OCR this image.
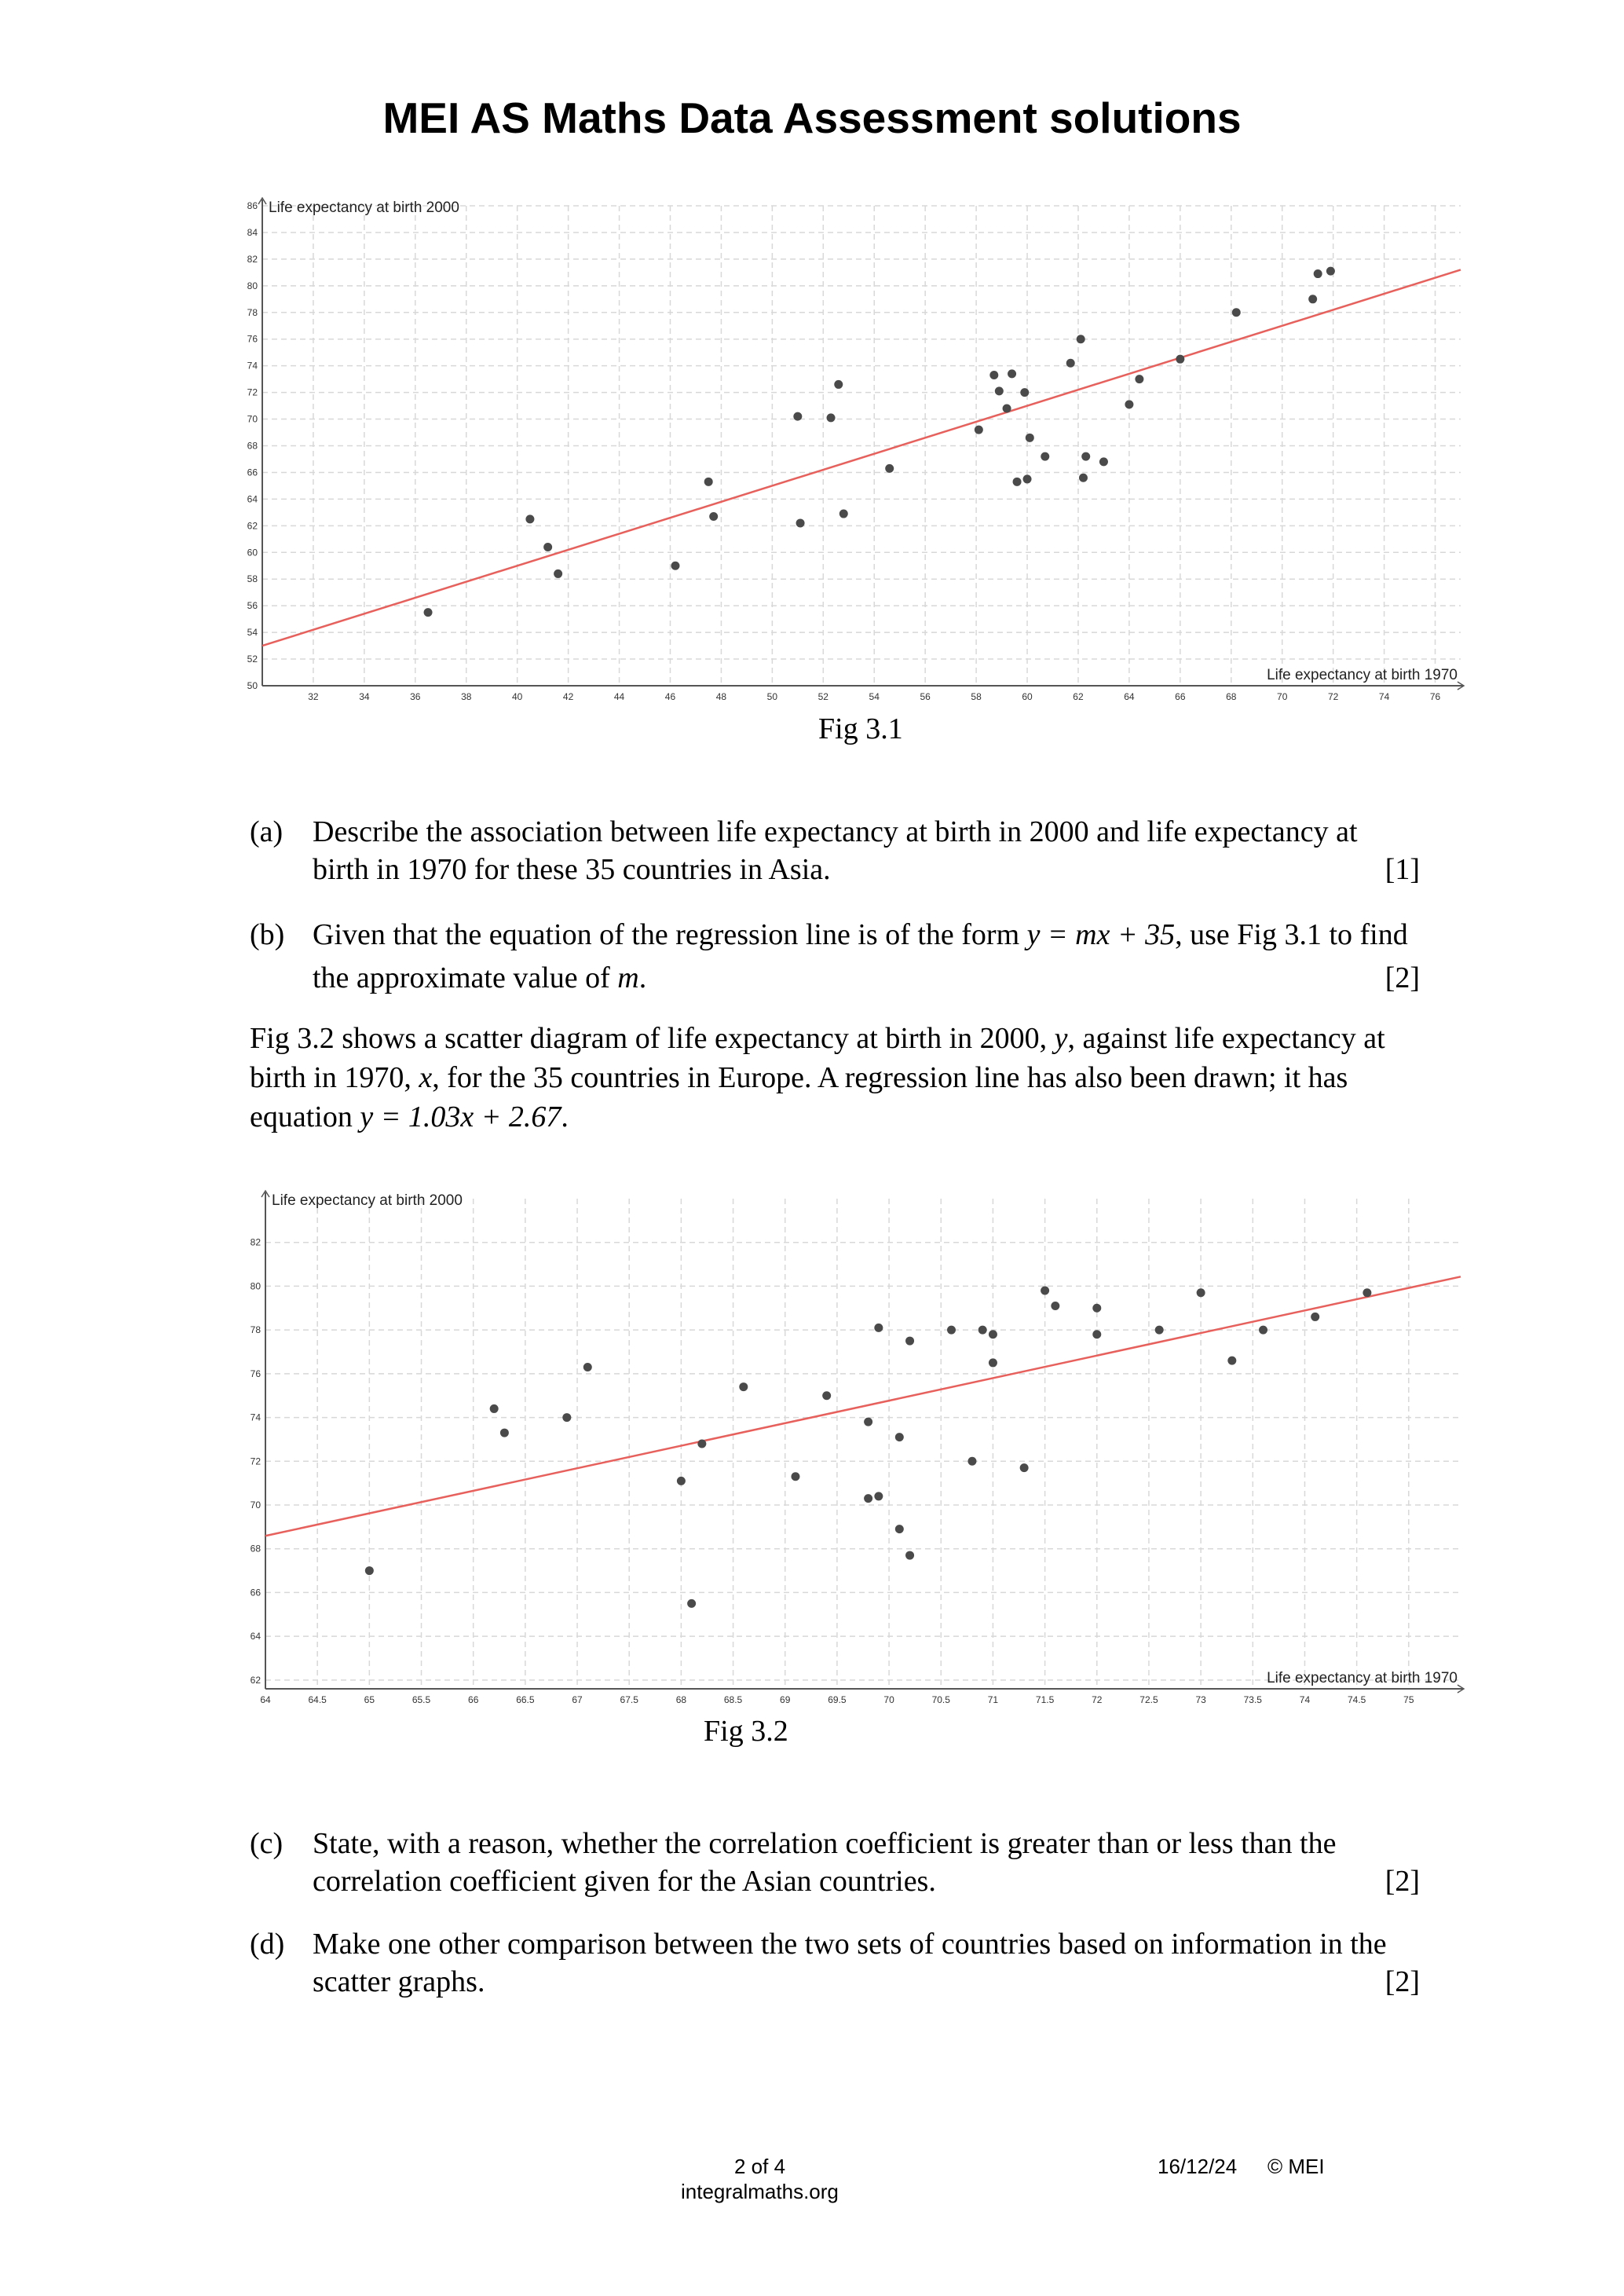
MEI AS Maths Data Assessment solutions
32	34	36	38	40	42	44	46	48	50	52	54	56	58	60	62	64	66	68	70	72	74	76
50
52
54
56
58
60
62
64
66
68
70
72
74
76
78
80
82
84
86 Life expectancy at birth 2000
Life expectancy at birth 1970
Fig 3.1
(a) Describe the association between life expectancy at birth in 2000 and life expectancy at birth in 1970 for these 35 countries in Asia.	[1]
(b) Given that the equation of the regression line is of the form y = mx + 35, use Fig 3.1 to find the approximate value of m.	[2]
Fig 3.2 shows a scatter diagram of life expectancy at birth in 2000, y, against life expectancy at birth in 1970, x, for the 35 countries in Europe. A regression line has also been drawn; it has equation y = 1.03x + 2.67.
64	64.5	65	65.5	66	66.5	67	67.5	68	68.5	69	69.5	70	70.5	71	71.5	72	72.5	73	73.5	74	74.5	75
62
64
66
68
70
72
74
76
78
80
82
Life expectancy at birth 2000
Life expectancy at birth 1970
Fig 3.2
(c) State, with a reason, whether the correlation coefficient is greater than or less than the correlation coefficient given for the Asian countries.	[2]
(d) Make one other comparison between the two sets of countries based on information in the scatter graphs.	[2]
2 of 4
integralmaths.org
16/12/24 © MEI
